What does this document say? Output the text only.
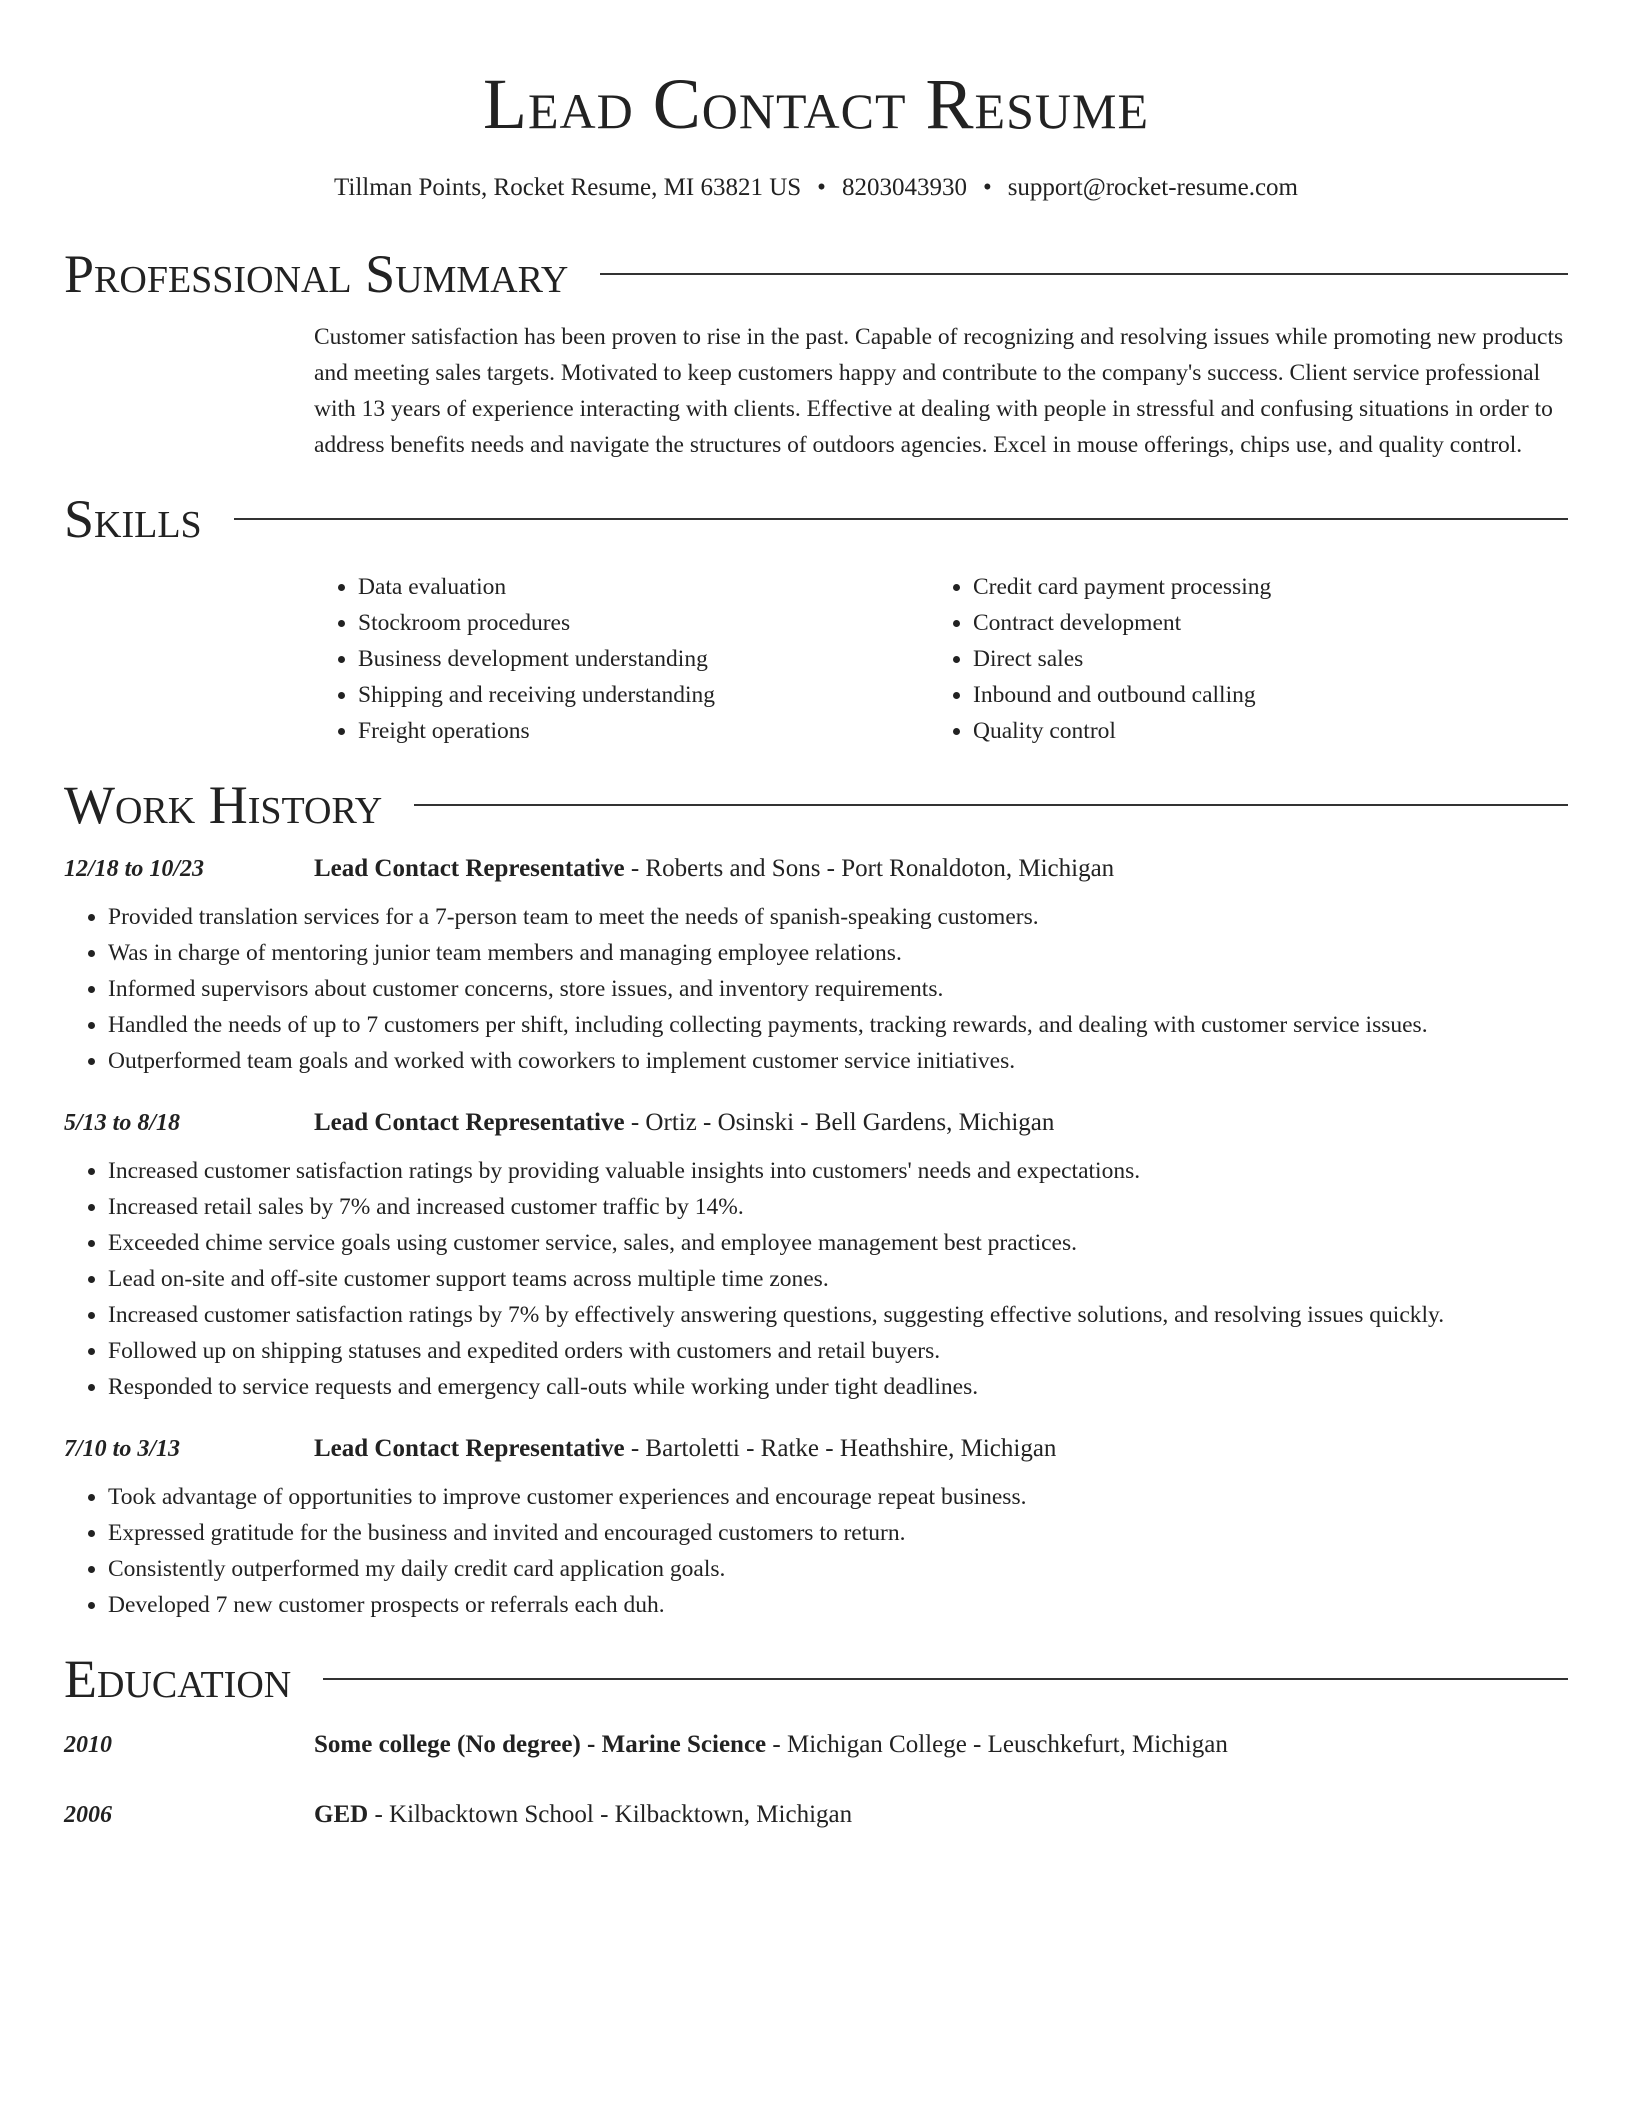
Lead Contact Resume
Tillman Points, Rocket Resume, MI 63821 US • 8203043930 • support@rocket-resume.com
Professional Summary

Customer satisfaction has been proven to rise in the past. Capable of recognizing and resolving issues while promoting new products and meeting sales targets. Motivated to keep customers happy and contribute to the company's success. Client service professional with 13 years of experience interacting with clients. Effective at dealing with people in stressful and confusing situations in order to address benefits needs and navigate the structures of outdoors agencies. Excel in mouse offerings, chips use, and quality control.

Skills
• Data evaluation
• Stockroom procedures
• Business development understanding
• Shipping and receiving understanding
• Freight operations
• Credit card payment processing
• Contract development
• Direct sales
• Inbound and outbound calling
• Quality control
Work History
12/18 to 10/23	Lead Contact Representative - Roberts and Sons - Port Ronaldoton, Michigan
• Provided translation services for a 7-person team to meet the needs of spanish-speaking customers.
• Was in charge of mentoring junior team members and managing employee relations.
• Informed supervisors about customer concerns, store issues, and inventory requirements.
• Handled the needs of up to 7 customers per shift, including collecting payments, tracking rewards, and dealing with customer service issues.
• Outperformed team goals and worked with coworkers to implement customer service initiatives.
5/13 to 8/18	Lead Contact Representative - Ortiz - Osinski - Bell Gardens, Michigan
• Increased customer satisfaction ratings by providing valuable insights into customers' needs and expectations.
• Increased retail sales by 7% and increased customer traffic by 14%.
• Exceeded chime service goals using customer service, sales, and employee management best practices.
• Lead on-site and off-site customer support teams across multiple time zones.
• Increased customer satisfaction ratings by 7% by effectively answering questions, suggesting effective solutions, and resolving issues quickly.
• Followed up on shipping statuses and expedited orders with customers and retail buyers.
• Responded to service requests and emergency call-outs while working under tight deadlines.
7/10 to 3/13	Lead Contact Representative - Bartoletti - Ratke - Heathshire, Michigan
• Took advantage of opportunities to improve customer experiences and encourage repeat business.
• Expressed gratitude for the business and invited and encouraged customers to return.
• Consistently outperformed my daily credit card application goals.
• Developed 7 new customer prospects or referrals each duh.
Education
2010	Some college (No degree) - Marine Science - Michigan College - Leuschkefurt, Michigan
2006	GED - Kilbacktown School - Kilbacktown, Michigan
